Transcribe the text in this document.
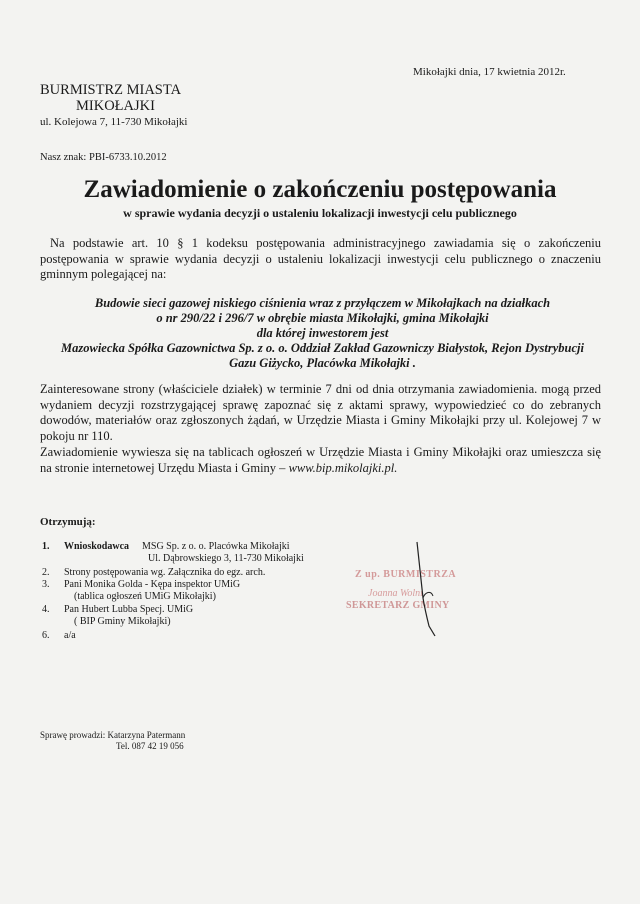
Mikołajki dnia, 17 kwietnia 2012r.
BURMISTRZ MIASTA
MIKOŁAJKI
ul. Kolejowa 7, 11-730 Mikołajki
Nasz znak: PBI-6733.10.2012
Zawiadomienie o zakończeniu postępowania
w sprawie wydania decyzji o ustaleniu lokalizacji inwestycji celu publicznego
Na podstawie art. 10 § 1 kodeksu postępowania administracyjnego zawiadamia się o zakończeniu
postępowania w sprawie wydania decyzji o ustaleniu lokalizacji inwestycji celu publicznego o znaczeniu
gminnym polegającej na:
Budowie sieci gazowej niskiego ciśnienia wraz z przyłączem w Mikołajkach na działkach
o nr 290/22 i 296/7 w obrębie miasta Mikołajki, gmina Mikołajki
dla której inwestorem jest
Mazowiecka Spółka Gazownictwa Sp. z o. o. Oddział Zakład Gazowniczy Białystok, Rejon Dystrybucji
Gazu Giżycko, Placówka Mikołajki .
Zainteresowane strony (właściciele działek) w terminie 7 dni od dnia otrzymania zawiadomienia. mogą przed wydaniem decyzji rozstrzygającej sprawę zapoznać się z aktami sprawy, wypowiedzieć co do zebranych dowodów, materiałów oraz zgłoszonych żądań, w Urzędzie Miasta i Gminy Mikołajki przy ul. Kolejowej 7 w pokoju nr 110.
Zawiadomienie wywiesza się na tablicach ogłoszeń w Urzędzie Miasta i Gminy Mikołajki oraz umieszcza się na stronie internetowej Urzędu Miasta i Gminy – www.bip.mikolajki.pl.
Otrzymują:
1. Wnioskodawca MSG Sp. z o. o. Placówka Mikołajki
Ul. Dąbrowskiego 3, 11-730 Mikołajki
2. Strony postępowania wg. Załącznika do egz. arch.
3. Pani Monika Golda - Kępa inspektor UMiG
(tablica ogłoszeń UMiG Mikołajki)
4. Pan Hubert Lubba Specj. UMiG
( BIP Gminy Mikołajki)
6. a/a
Z up. BURMISTRZA
Joanna Wolni
SEKRETARZ GMINY
Sprawę prowadzi: Katarzyna Patermann
Tel. 087 42 19 056
